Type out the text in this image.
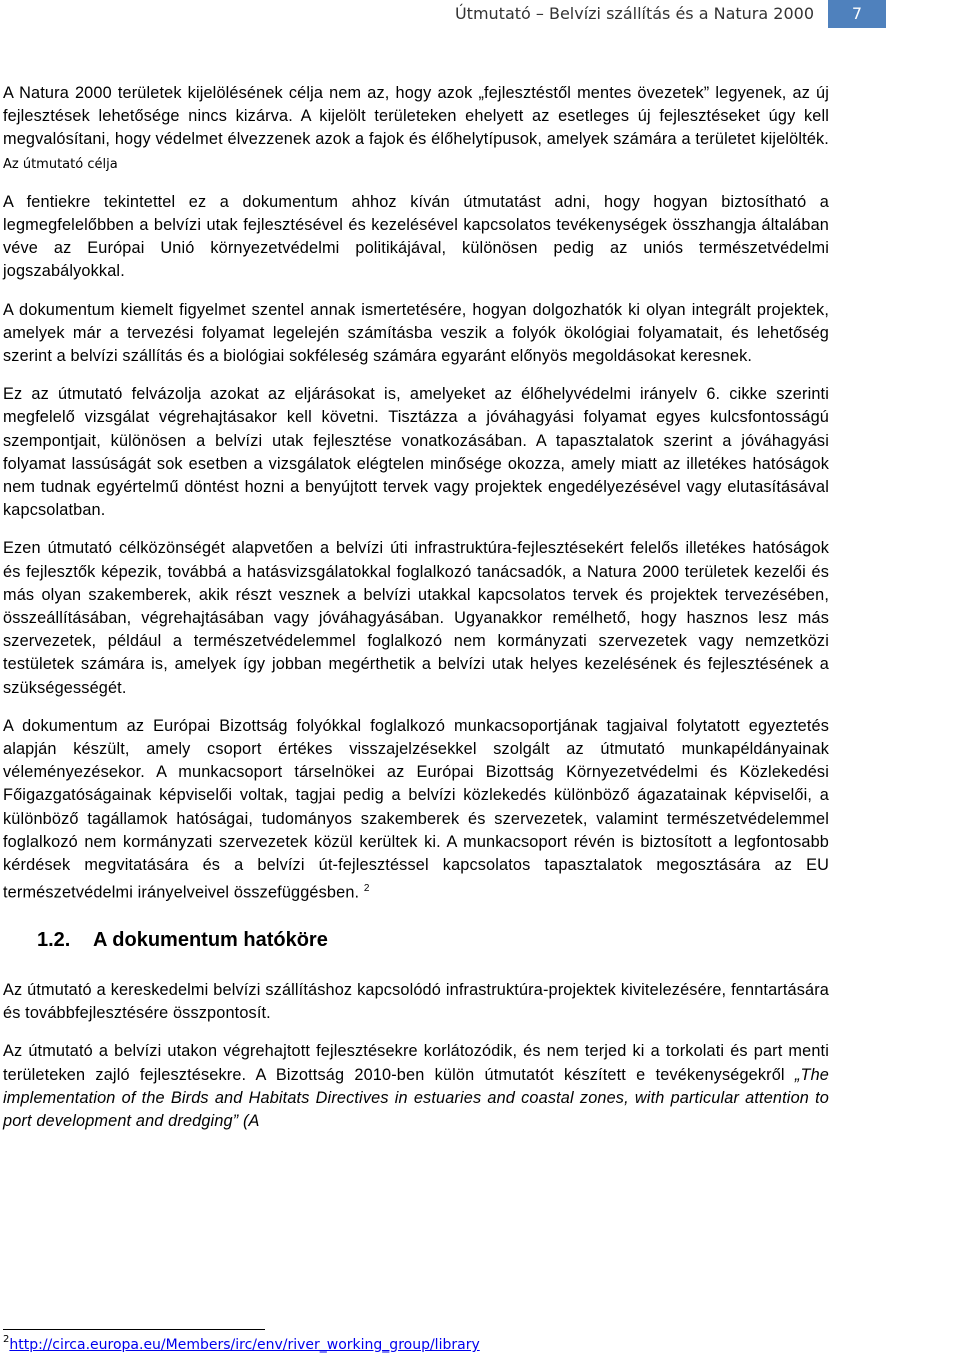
Útmutató – Belvízi szállítás és a Natura 2000	7

A Natura 2000 területek kijelölésének célja nem az, hogy azok „fejlesztéstől mentes övezetek” legyenek, az új fejlesztések lehetősége nincs kizárva. A kijelölt területeken ehelyett az esetleges új fejlesztéseket úgy kell megvalósítani, hogy védelmet élvezzenek azok a fajok és élőhelytípusok, amelyek számára a területet kijelölték. Az útmutató célja

A fentiekre tekintettel ez a dokumentum ahhoz kíván útmutatást adni, hogy hogyan biztosítható a legmegfelelőbben a belvízi utak fejlesztésével és kezelésével kapcsolatos tevékenységek összhangja általában véve az Európai Unió környezetvédelmi politikájával, különösen pedig az uniós természetvédelmi jogszabályokkal.

A dokumentum kiemelt figyelmet szentel annak ismertetésére, hogyan dolgozhatók ki olyan integrált projektek, amelyek már a tervezési folyamat legelején számításba veszik a folyók ökológiai folyamatait, és lehetőség szerint a belvízi szállítás és a biológiai sokféleség számára egyaránt előnyös megoldásokat keresnek.

Ez az útmutató felvázolja azokat az eljárásokat is, amelyeket az élőhelyvédelmi irányelv 6. cikke szerinti megfelelő vizsgálat végrehajtásakor kell követni. Tisztázza a jóváhagyási folyamat egyes kulcsfontosságú szempontjait, különösen a belvízi utak fejlesztése vonatkozásában. A tapasztalatok szerint a jóváhagyási folyamat lassúságát sok esetben a vizsgálatok elégtelen minősége okozza, amely miatt az illetékes hatóságok nem tudnak egyértelmű döntést hozni a benyújtott tervek vagy projektek engedélyezésével vagy elutasításával kapcsolatban.

Ezen útmutató célközönségét alapvetően a belvízi úti infrastruktúra-fejlesztésekért felelős illetékes hatóságok és fejlesztők képezik, továbbá a hatásvizsgálatokkal foglalkozó tanácsadók, a Natura 2000 területek kezelői és más olyan szakemberek, akik részt vesznek a belvízi utakkal kapcsolatos tervek és projektek tervezésében, összeállításában, végrehajtásában vagy jóváhagyásában. Ugyanakkor remélhető, hogy hasznos lesz más szervezetek, például a természetvédelemmel foglalkozó nem kormányzati szervezetek vagy nemzetközi testületek számára is, amelyek így jobban megérthetik a belvízi utak helyes kezelésének és fejlesztésének a szükségességét.

A dokumentum az Európai Bizottság folyókkal foglalkozó munkacsoportjának tagjaival folytatott egyeztetés alapján készült, amely csoport értékes visszajelzésekkel szolgált az útmutató munkapéldányainak véleményezésekor. A munkacsoport társelnökei az Európai Bizottság Környezetvédelmi és Közlekedési Főigazgatóságainak képviselői voltak, tagjai pedig a belvízi közlekedés különböző ágazatainak képviselői, a különböző tagállamok hatóságai, tudományos szakemberek és szervezetek, valamint természetvédelemmel foglalkozó nem kormányzati szervezetek közül kerültek ki. A munkacsoport révén is biztosított a legfontosabb kérdések megvitatására és a belvízi út-fejlesztéssel kapcsolatos tapasztalatok megosztására az EU természetvédelmi irányelveivel összefüggésben. $^2$

1.2. A dokumentum hatóköre

Az útmutató a kereskedelmi belvízi szállításhoz kapcsolódó infrastruktúra-projektek kivitelezésére, fenntartására és továbbfejlesztésére összpontosít.

Az útmutató a belvízi utakon végrehajtott fejlesztésekre korlátozódik, és nem terjed ki a torkolati és part menti területeken zajló fejlesztésekre. A Bizottság 2010-ben külön útmutatót készített e tevékenységekről „The implementation of the Birds and Habitats Directives in estuaries and coastal zones, with particular attention to port development and dredging” (A

$^2$http://circa.europa.eu/Members/irc/env/river_working_group/library
